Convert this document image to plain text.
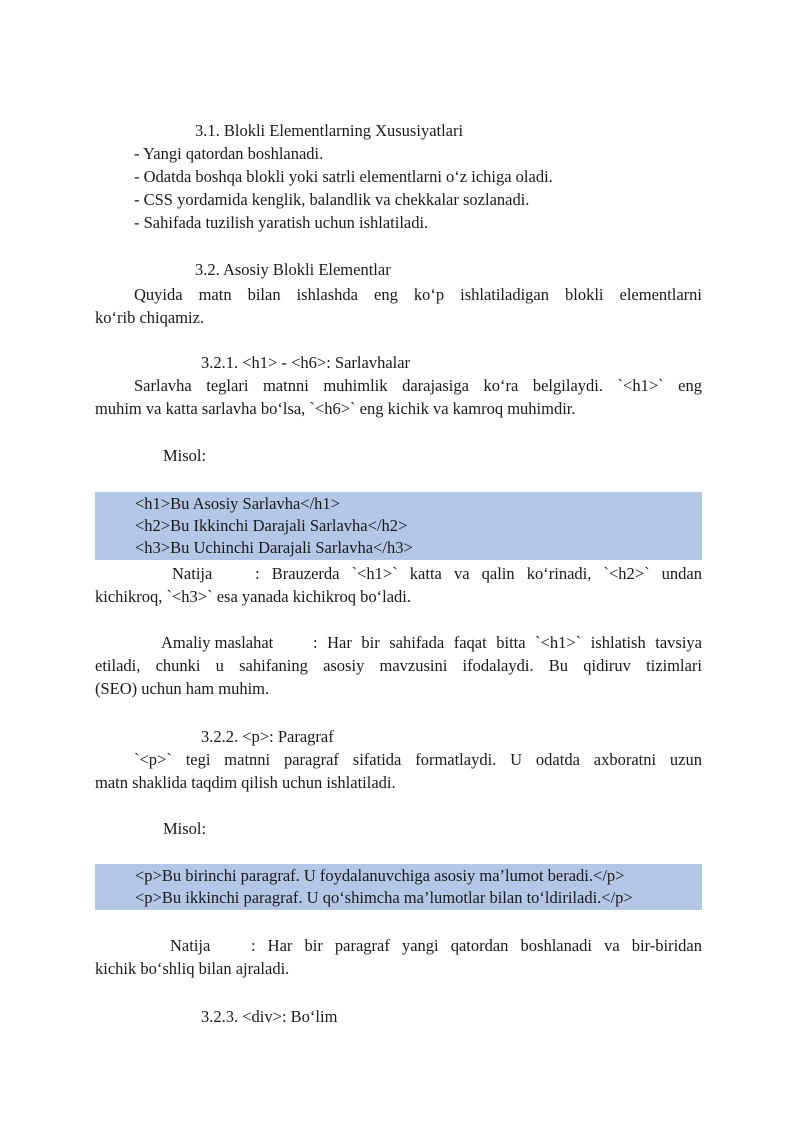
3.1. Blokli Elementlarning Xususiyatlari
- Yangi qatordan boshlanadi.
- Odatda boshqa blokli yoki satrli elementlarni o‘z ichiga oladi.
- CSS yordamida kenglik, balandlik va chekkalar sozlanadi.
- Sahifada tuzilish yaratish uchun ishlatiladi.
3.2. Asosiy Blokli Elementlar
Quyida matn bilan ishlashda eng ko‘p ishlatiladigan blokli elementlarni
ko‘rib chiqamiz.
3.2.1. <h1> - <h6>: Sarlavhalar
Sarlavha teglari matnni muhimlik darajasiga ko‘ra belgilaydi. `<h1>` eng
muhim va katta sarlavha bo‘lsa, `<h6>` eng kichik va kamroq muhimdir.
Misol:
<h1>Bu Asosiy Sarlavha</h1>
<h2>Bu Ikkinchi Darajali Sarlavha</h2>
<h3>Bu Uchinchi Darajali Sarlavha</h3>
Natija	: Brauzerda `<h1>` katta va qalin ko‘rinadi, `<h2>` undan
kichikroq, `<h3>` esa yanada kichikroq bo‘ladi.
Amaliy maslahat : Har bir sahifada faqat bitta `<h1>` ishlatish tavsiya
etiladi, chunki u sahifaning asosiy mavzusini ifodalaydi. Bu qidiruv tizimlari
(SEO) uchun ham muhim.
3.2.2. <p>: Paragraf
`<p>` tegi matnni paragraf sifatida formatlaydi. U odatda axboratni uzun
matn shaklida taqdim qilish uchun ishlatiladi.
Misol:
<p>Bu birinchi paragraf. U foydalanuvchiga asosiy ma’lumot beradi.</p>
<p>Bu ikkinchi paragraf. U qo‘shimcha ma’lumotlar bilan to‘ldiriladi.</p>
Natija : Har bir paragraf yangi qatordan boshlanadi va bir-biridan
kichik bo‘shliq bilan ajraladi.
3.2.3. <div>: Bo‘lim
